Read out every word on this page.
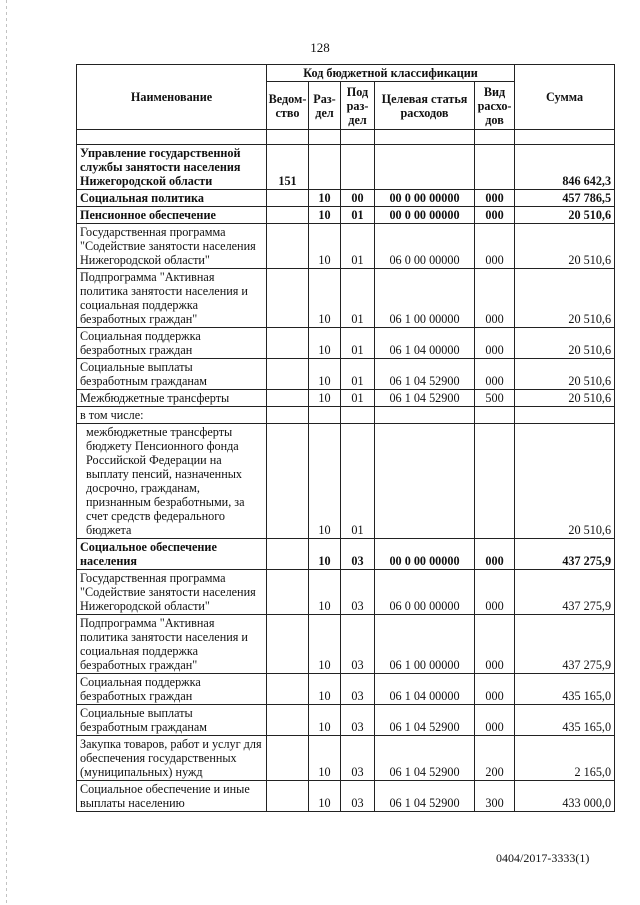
128
Наименование	Код бюджетной классификации					Сумма
	Ведом-ство	Раз-дел	Под раз-дел	Целевая статья расходов	Вид расхо-дов	

Управление государственной службы занятости населения Нижегородской области	151					846 642,3
Социальная политика		10	00	00 0 00 00000	000	457 786,5
Пенсионное обеспечение		10	01	00 0 00 00000	000	20 510,6
Государственная программа "Содействие занятости населения Нижегородской области"		10	01	06 0 00 00000	000	20 510,6
Подпрограмма "Активная политика занятости населения и социальная поддержка безработных граждан"		10	01	06 1 00 00000	000	20 510,6
Социальная поддержка безработных граждан		10	01	06 1 04 00000	000	20 510,6
Социальные выплаты безработным гражданам		10	01	06 1 04 52900	000	20 510,6
Межбюджетные трансферты		10	01	06 1 04 52900	500	20 510,6
в том числе:						
межбюджетные трансферты бюджету Пенсионного фонда Российской Федерации на выплату пенсий, назначенных досрочно, гражданам, признанным безработными, за счет средств федерального бюджета		10	01			20 510,6
Социальное обеспечение населения		10	03	00 0 00 00000	000	437 275,9
Государственная программа "Содействие занятости населения Нижегородской области"		10	03	06 0 00 00000	000	437 275,9
Подпрограмма "Активная политика занятости населения и социальная поддержка безработных граждан"		10	03	06 1 00 00000	000	437 275,9
Социальная поддержка безработных граждан		10	03	06 1 04 00000	000	435 165,0
Социальные выплаты безработным гражданам		10	03	06 1 04 52900	000	435 165,0
Закупка товаров, работ и услуг для обеспечения государственных (муниципальных) нужд		10	03	06 1 04 52900	200	2 165,0
Социальное обеспечение и иные выплаты населению		10	03	06 1 04 52900	300	433 000,0
0404/2017-3333(1)
